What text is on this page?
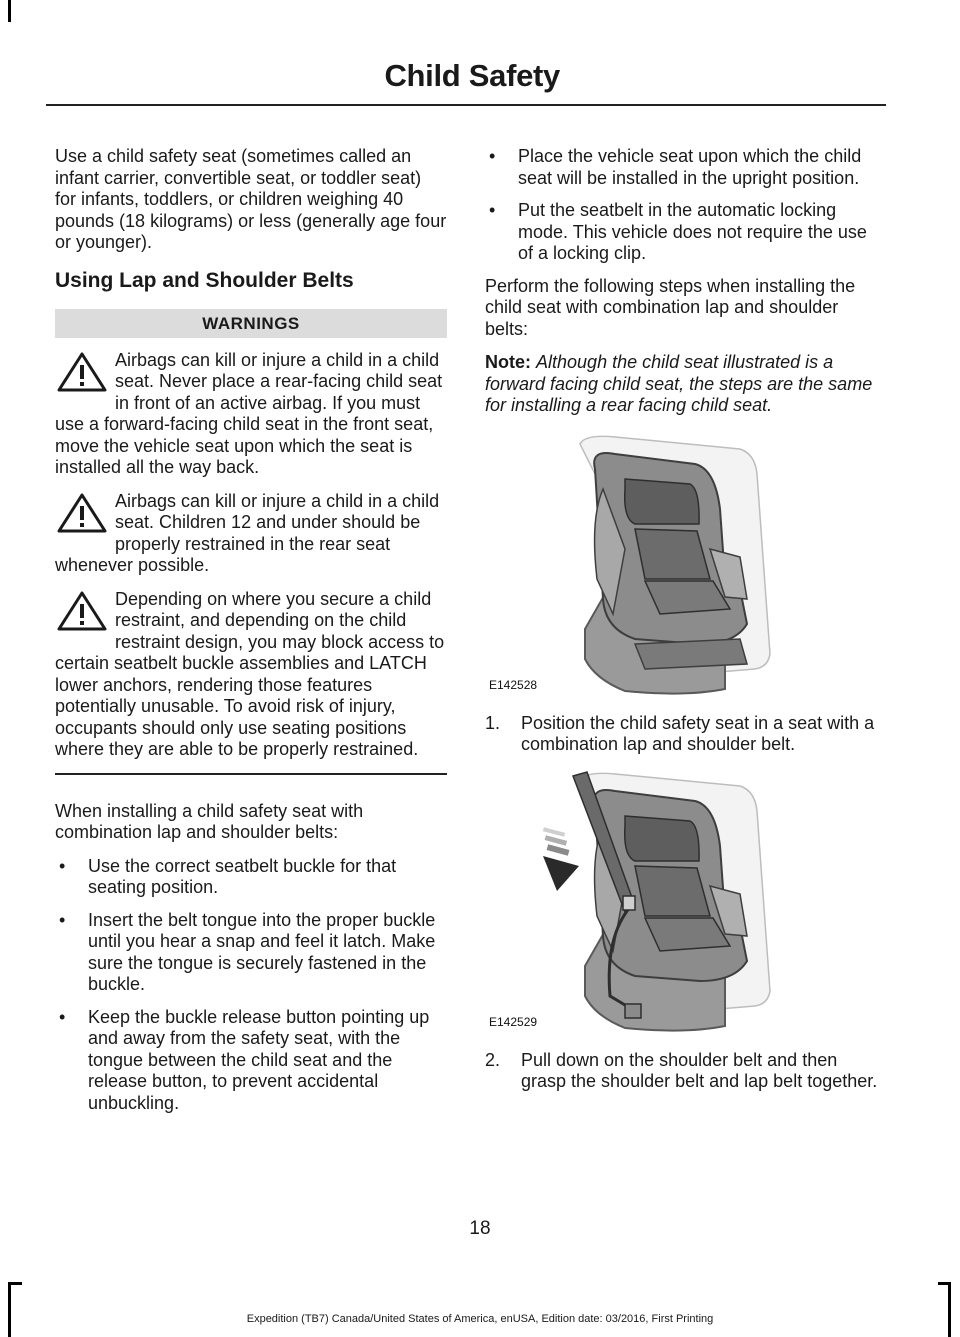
Child Safety

Use a child safety seat (sometimes called an infant carrier, convertible seat, or toddler seat) for infants, toddlers, or children weighing 40 pounds (18 kilograms) or less (generally age four or younger).

Using Lap and Shoulder Belts
WARNINGS
Airbags can kill or injure a child in a child seat. Never place a rear-facing child seat in front of an active airbag. If you must use a forward-facing child seat in the front seat, move the vehicle seat upon which the seat is installed all the way back.
Airbags can kill or injure a child in a child seat. Children 12 and under should be properly restrained in the rear seat whenever possible.
Depending on where you secure a child restraint, and depending on the child restraint design, you may block access to certain seatbelt buckle assemblies and LATCH lower anchors, rendering those features potentially unusable. To avoid risk of injury, occupants should only use seating positions where they are able to be properly restrained.

When installing a child safety seat with combination lap and shoulder belts:

• Use the correct seatbelt buckle for that seating position.
• Insert the belt tongue into the proper buckle until you hear a snap and feel it latch. Make sure the tongue is securely fastened in the buckle.
• Keep the buckle release button pointing up and away from the safety seat, with the tongue between the child seat and the release button, to prevent accidental unbuckling.
• Place the vehicle seat upon which the child seat will be installed in the upright position.
• Put the seatbelt in the automatic locking mode. This vehicle does not require the use of a locking clip.

Perform the following steps when installing the child seat with combination lap and shoulder belts:

Note: Although the child seat illustrated is a forward facing child seat, the steps are the same for installing a rear facing child seat.

E142528
1. Position the child safety seat in a seat with a combination lap and shoulder belt.
E142529
2. Pull down on the shoulder belt and then grasp the shoulder belt and lap belt together.
18
Expedition (TB7) Canada/United States of America, enUSA, Edition date: 03/2016, First Printing
